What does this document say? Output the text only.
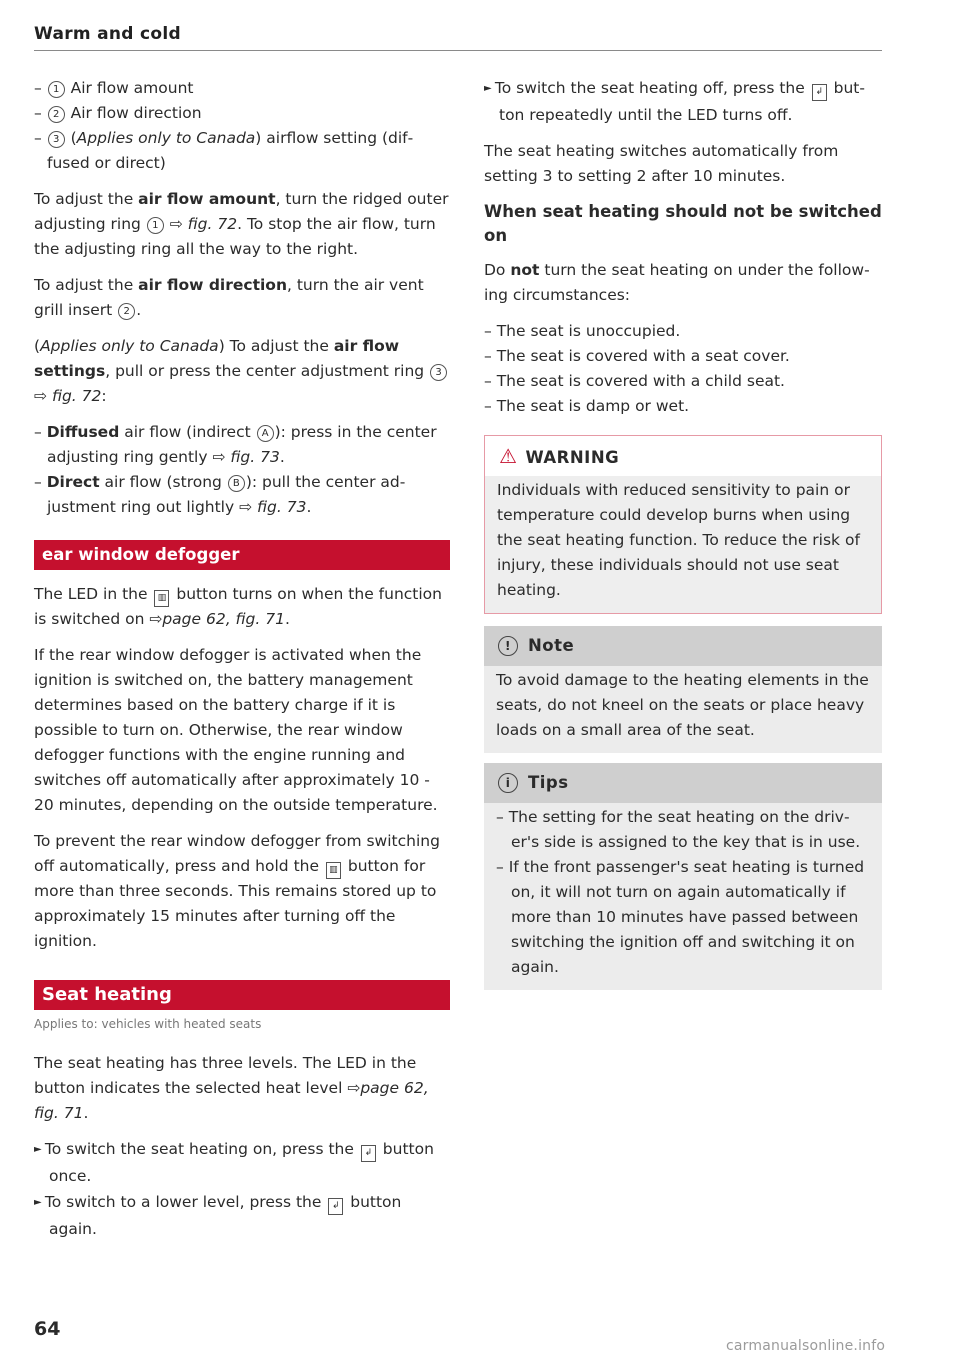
Warm and cold
– 1 Air flow amount
– 2 Air flow direction
– 3 (Applies only to Canada) airflow setting (diffused or direct)

To adjust the air flow amount, turn the ridged outer adjusting ring 1 ⇨ fig. 72. To stop the air flow, turn the adjusting ring all the way to the right.

To adjust the air flow direction, turn the air vent grill insert 2 .

(Applies only to Canada) To adjust the air flow settings, pull or press the center adjustment ring 3 ⇨ fig. 72:

– Diffused air flow (indirect A ): press in the center adjusting ring gently ⇨ fig. 73.
– Direct air flow (strong B ): pull the center adjustment ring out lightly ⇨ fig. 73.
ear window defogger

The LED in the ▥ button turns on when the function is switched on ⇨page 62, fig. 71.

If the rear window defogger is activated when the ignition is switched on, the battery management determines based on the battery charge if it is possible to turn on. Otherwise, the rear window defogger functions with the engine running and switches off automatically after approximately 10 - 20 minutes, depending on the outside temperature.

To prevent the rear window defogger from switching off automatically, press and hold the ▥ button for more than three seconds. This remains stored up to approximately 15 minutes after turning off the ignition.

Seat heating
Applies to: vehicles with heated seats

The seat heating has three levels. The LED in the button indicates the selected heat level ⇨page 62, fig. 71.

► To switch the seat heating on, press the ↲ button once.
► To switch to a lower level, press the ↲ button again.
► To switch the seat heating off, press the ↲ button repeatedly until the LED turns off.

The seat heating switches automatically from setting 3 to setting 2 after 10 minutes.

When seat heating should not be switched on

Do not turn the seat heating on under the following circumstances:

– The seat is unoccupied.
– The seat is covered with a seat cover.
– The seat is covered with a child seat.
– The seat is damp or wet.
⚠ WARNING
Individuals with reduced sensitivity to pain or temperature could develop burns when using the seat heating function. To reduce the risk of injury, these individuals should not use seat heating.
! Note
To avoid damage to the heating elements in the seats, do not kneel on the seats or place heavy loads on a small area of the seat.
i Tips
– The setting for the seat heating on the driver's side is assigned to the key that is in use.
– If the front passenger's seat heating is turned on, it will not turn on again automatically if more than 10 minutes have passed between switching the ignition off and switching it on again.
64
carmanualsonline.info
